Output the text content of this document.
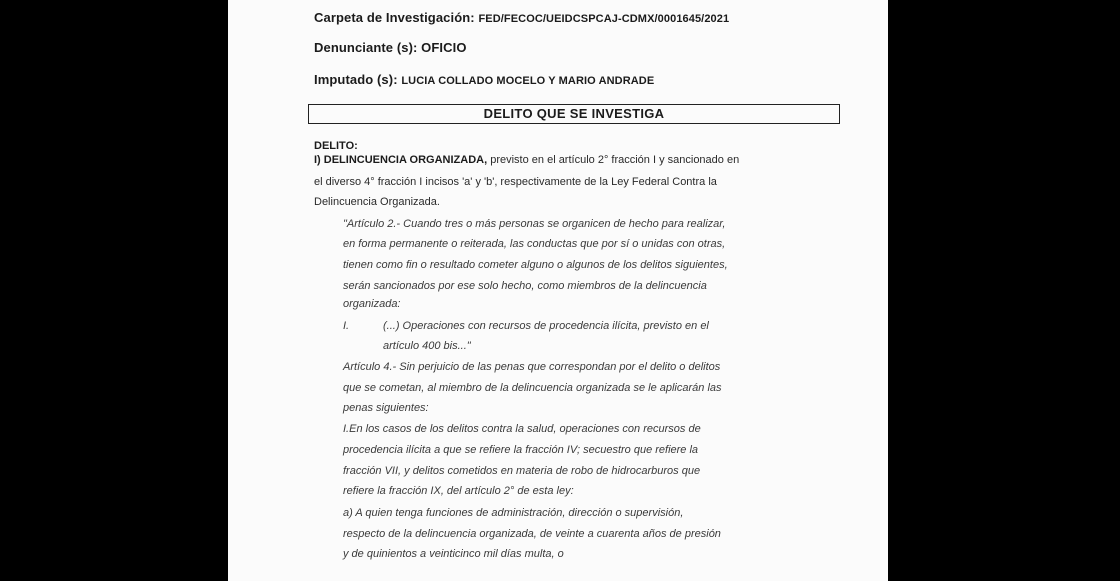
Carpeta de Investigación: FED/FECOC/UEIDCSPCAJ-CDMX/0001645/2021
Denunciante (s): OFICIO
Imputado (s): LUCIA COLLADO MOCELO Y MARIO ANDRADE
DELITO QUE SE INVESTIGA
DELITO:
I) DELINCUENCIA ORGANIZADA, previsto en el artículo 2° fracción I y sancionado en
el diverso 4° fracción I incisos 'a' y 'b', respectivamente de la Ley Federal Contra la
Delincuencia Organizada.
"Artículo 2.- Cuando tres o más personas se organicen de hecho para realizar,
en forma permanente o reiterada, las conductas que por sí o unidas con otras,
tienen como fin o resultado cometer alguno o algunos de los delitos siguientes,
serán sancionados por ese solo hecho, como miembros de la delincuencia
organizada:
I.	(...) Operaciones con recursos de procedencia ilícita, previsto en el
artículo 400 bis..."
Artículo 4.- Sin perjuicio de las penas que correspondan por el delito o delitos
que se cometan, al miembro de la delincuencia organizada se le aplicarán las
penas siguientes:
I.En los casos de los delitos contra la salud, operaciones con recursos de
procedencia ilícita a que se refiere la fracción IV; secuestro que refiere la
fracción VII, y delitos cometidos en materia de robo de hidrocarburos que
refiere la fracción IX, del artículo 2° de esta ley:
a) A quien tenga funciones de administración, dirección o supervisión,
respecto de la delincuencia organizada, de veinte a cuarenta años de presión
y de quinientos a veinticinco mil días multa, o
